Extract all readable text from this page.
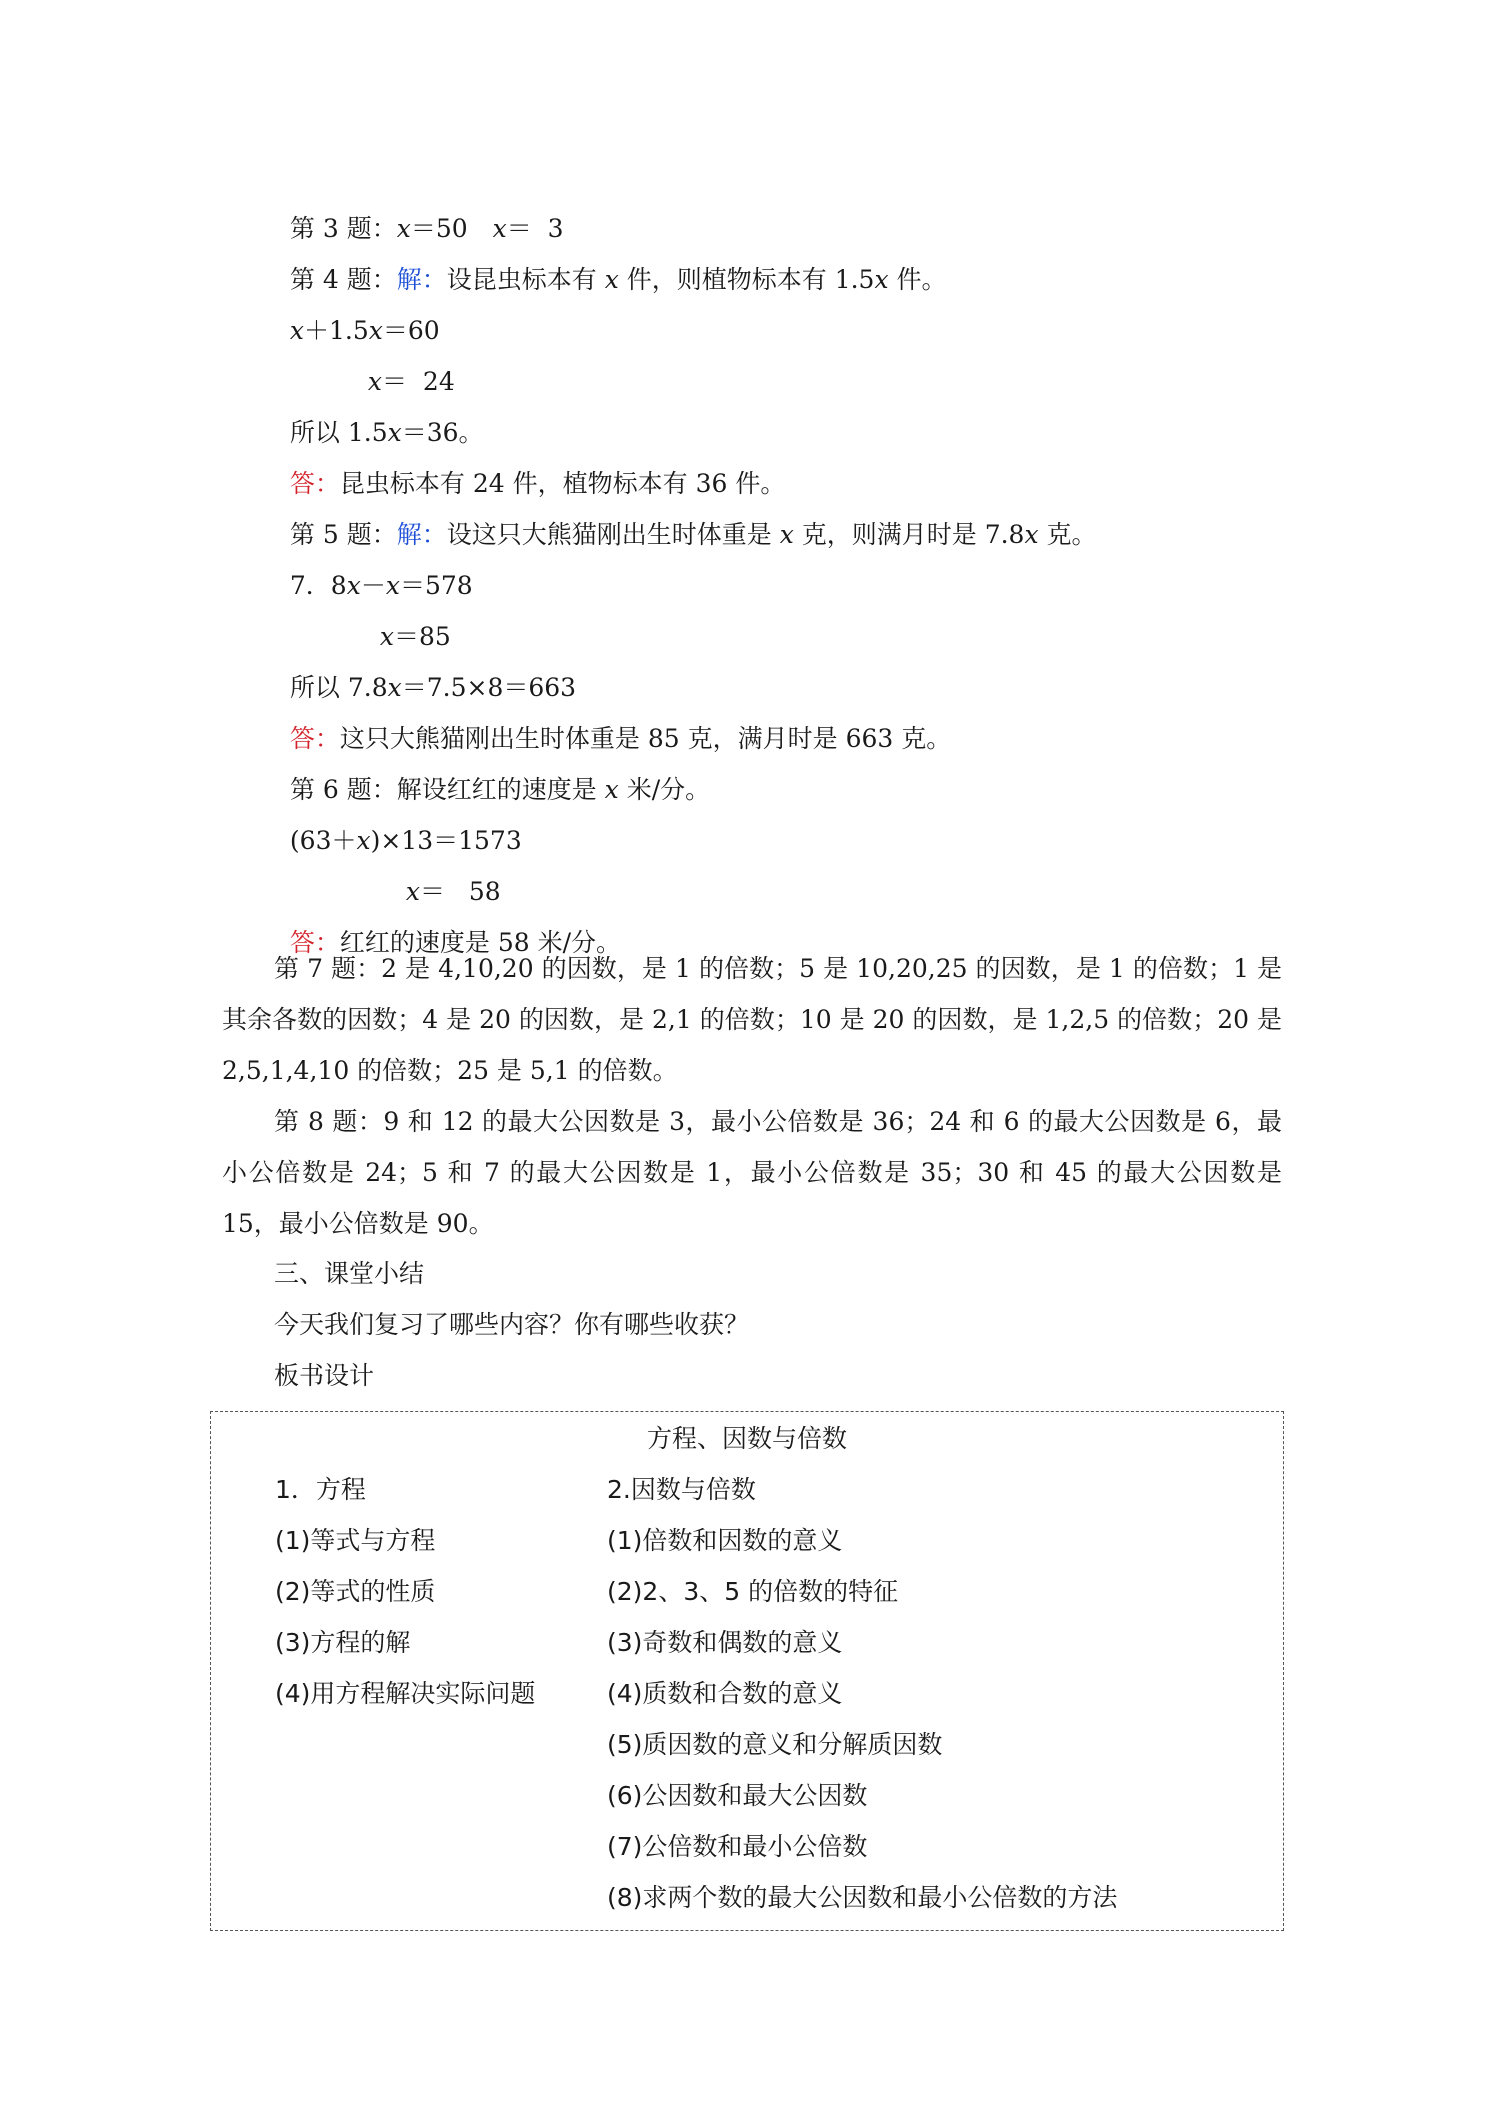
第 3 题：x＝50　x＝  3

第 4 题：解：设昆虫标本有 x 件，则植物标本有 1.5x 件。

x＋1.5x＝60

x＝  24

所以 1.5x＝36。

答：昆虫标本有 24 件，植物标本有 36 件。

第 5 题：解：设这只大熊猫刚出生时体重是 x 克，则满月时是 7.8x 克。

7．8x－x＝578

x＝85

所以 7.8x＝7.5×8＝663

答：这只大熊猫刚出生时体重是 85 克，满月时是 663 克。

第 6 题：解设红红的速度是 x 米/分。

(63＋x)×13＝1573

x＝   58

答：红红的速度是 58 米/分。

第 7 题：2 是 4,10,20 的因数，是 1 的倍数；5 是 10,20,25 的因数，是 1 的倍数；1 是其余各数的因数；4 是 20 的因数，是 2,1 的倍数；10 是 20 的因数，是 1,2,5 的倍数；20 是 2,5,1,4,10 的倍数；25 是 5,1 的倍数。
第 8 题：9 和 12 的最大公因数是 3，最小公倍数是 36；24 和 6 的最大公因数是 6，最小公倍数是 24；5 和 7 的最大公因数是 1，最小公倍数是 35；30 和 45 的最大公因数是 15，最小公倍数是 90。
三、课堂小结
今天我们复习了哪些内容？你有哪些收获？
板书设计
方程、因数与倍数
1．方程
(1)等式与方程
(2)等式的性质
(3)方程的解
(4)用方程解决实际问题
2.因数与倍数
(1)倍数和因数的意义
(2)2、3、5 的倍数的特征
(3)奇数和偶数的意义
(4)质数和合数的意义
(5)质因数的意义和分解质因数
(6)公因数和最大公因数
(7)公倍数和最小公倍数
(8)求两个数的最大公因数和最小公倍数的方法
